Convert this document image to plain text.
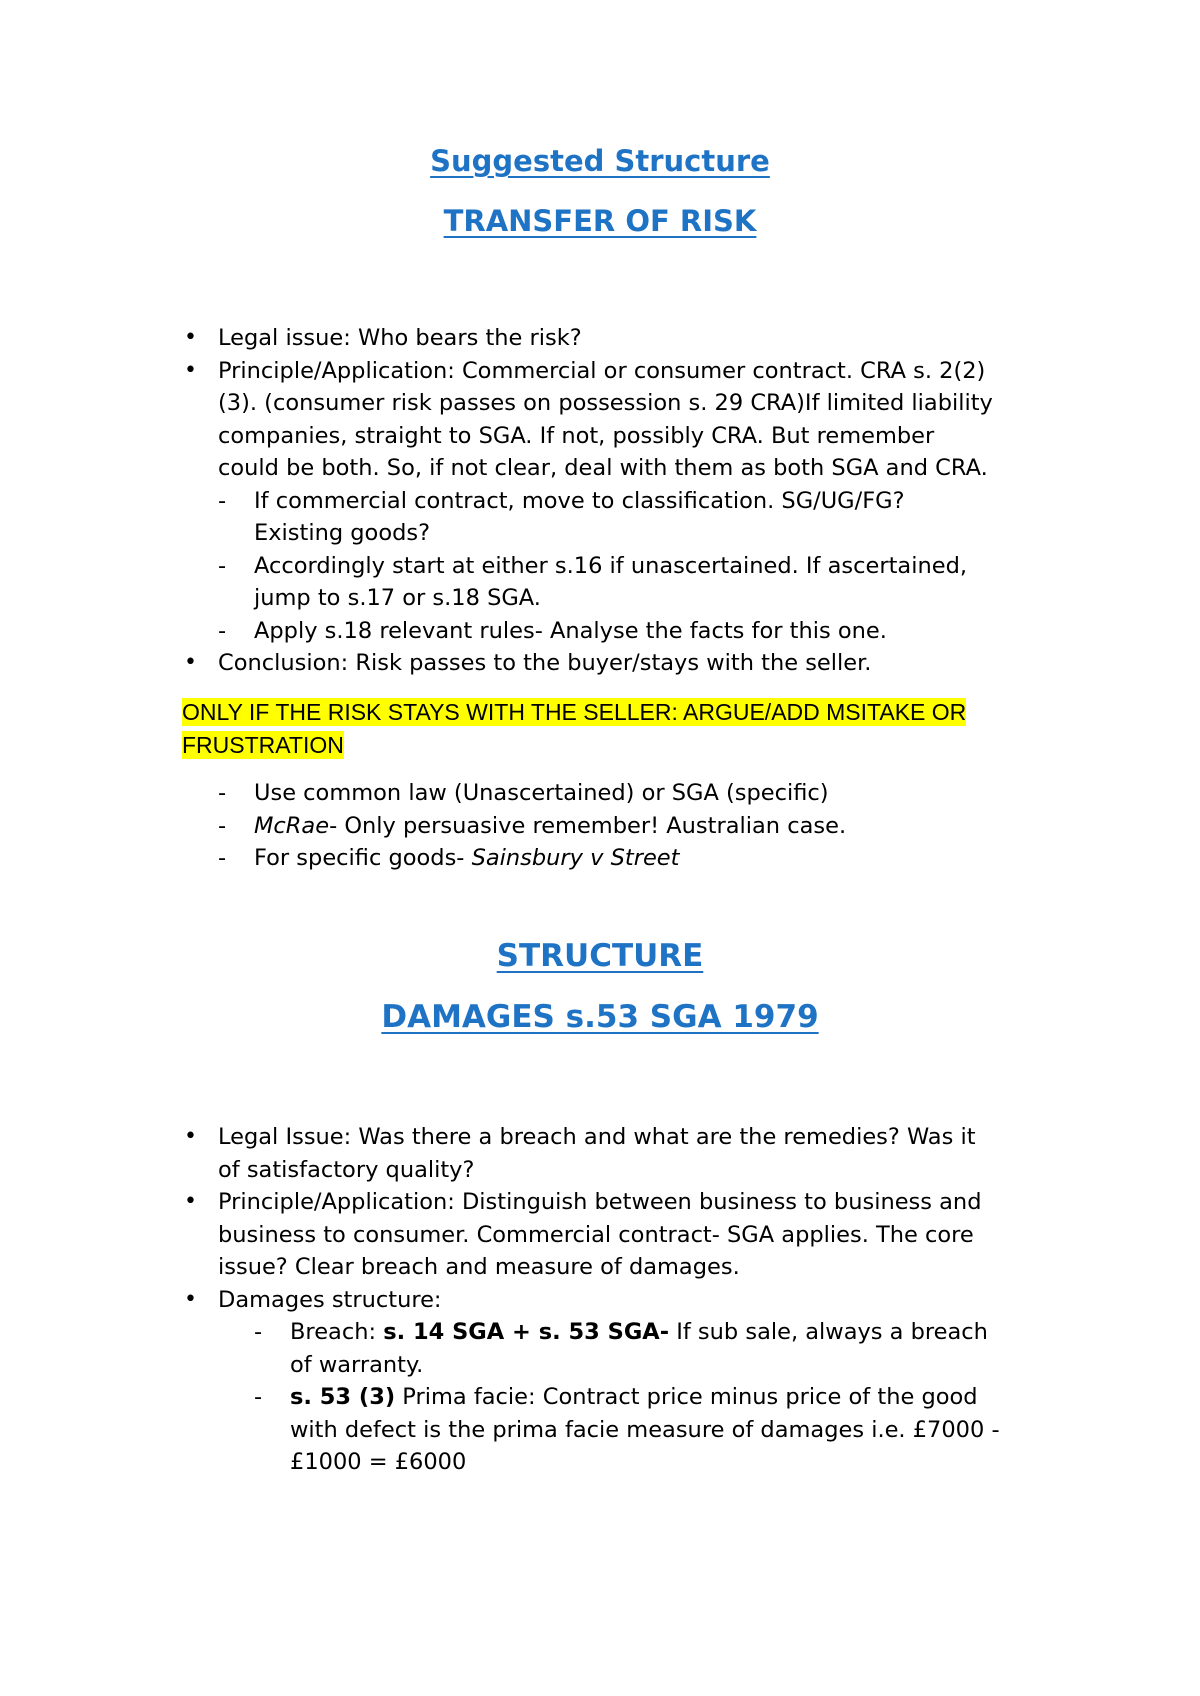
Suggested Structure
TRANSFER OF RISK
• Legal issue: Who bears the risk?
• Principle/Application: Commercial or consumer contract. CRA s. 2(2)
(3). (consumer risk passes on possession s. 29 CRA)If limited liability
companies, straight to SGA. If not, possibly CRA. But remember
could be both. So, if not clear, deal with them as both SGA and CRA.
- If commercial contract, move to classification. SG/UG/FG?
Existing goods?
- Accordingly start at either s.16 if unascertained. If ascertained,
jump to s.17 or s.18 SGA.
- Apply s.18 relevant rules- Analyse the facts for this one.
• Conclusion: Risk passes to the buyer/stays with the seller.
ONLY IF THE RISK STAYS WITH THE SELLER: ARGUE/ADD MSITAKE OR
FRUSTRATION
- Use common law (Unascertained) or SGA (specific)
- McRae- Only persuasive remember! Australian case.
- For specific goods- Sainsbury v Street
STRUCTURE
DAMAGES s.53 SGA 1979
• Legal Issue: Was there a breach and what are the remedies? Was it
of satisfactory quality?
• Principle/Application: Distinguish between business to business and
business to consumer. Commercial contract- SGA applies. The core
issue? Clear breach and measure of damages.
• Damages structure:
- Breach: s. 14 SGA + s. 53 SGA- If sub sale, always a breach
of warranty.
- s. 53 (3) Prima facie: Contract price minus price of the good
with defect is the prima facie measure of damages i.e. £7000 -
£1000 = £6000
